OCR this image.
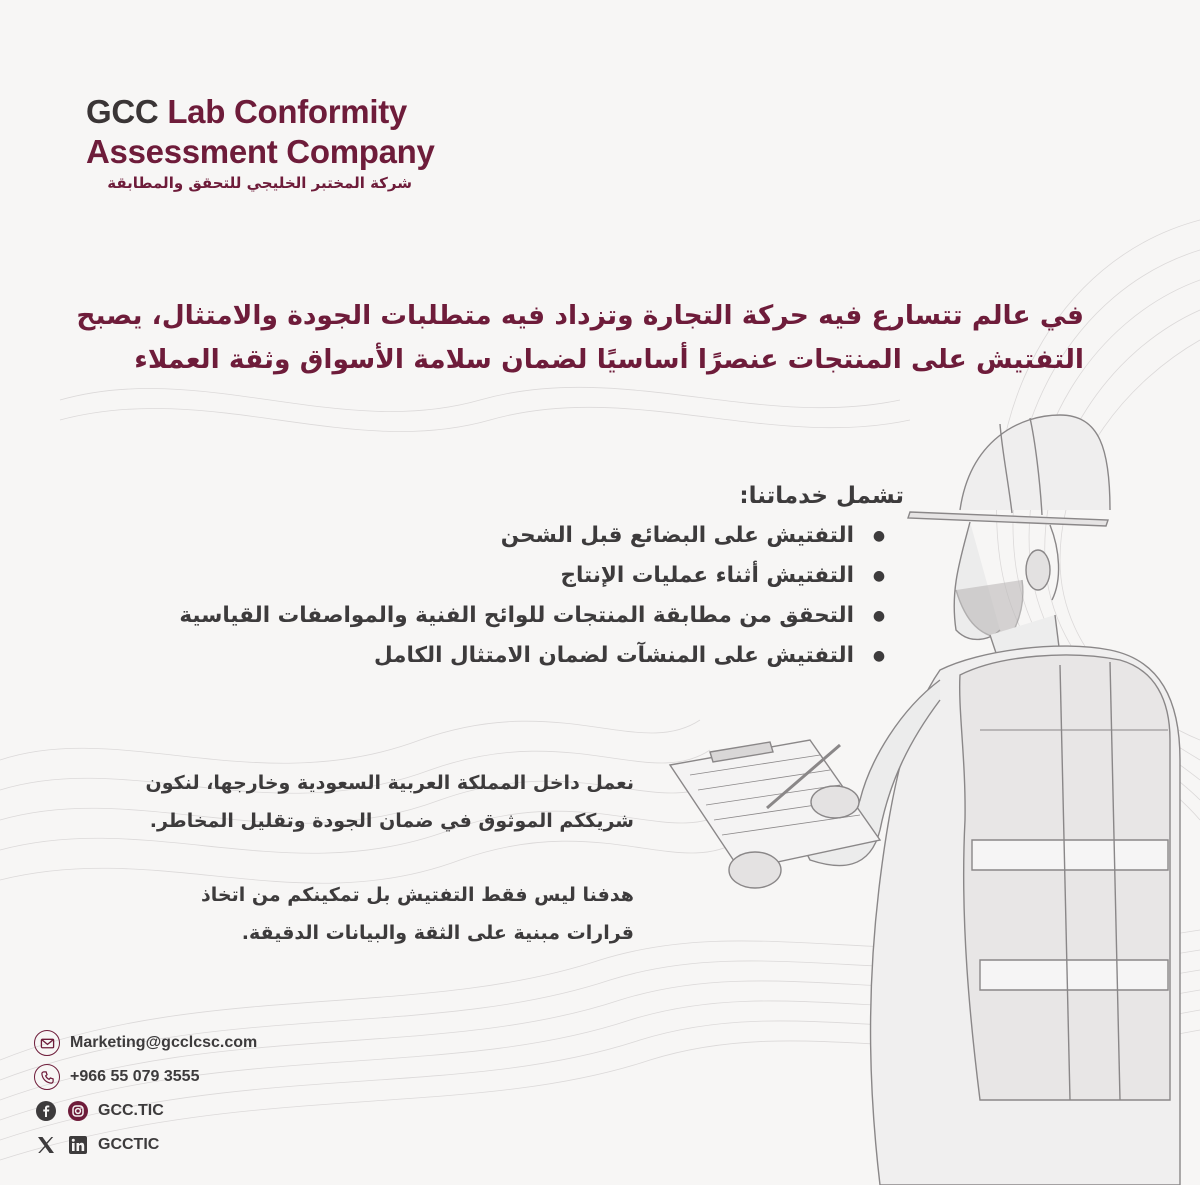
GCC Lab Conformity
Assessment Company
شركة المختبر الخليجي للتحقق والمطابقة
في عالم تتسارع فيه حركة التجارة وتزداد فيه متطلبات الجودة والامتثال، يصبح
التفتيش على المنتجات عنصرًا أساسيًا لضمان سلامة الأسواق وثقة العملاء
تشمل خدماتنا:
●التفتيش على البضائع قبل الشحن
●التفتيش أثناء عمليات الإنتاج
●التحقق من مطابقة المنتجات للوائح الفنية والمواصفات القياسية
●التفتيش على المنشآت لضمان الامتثال الكامل
نعمل داخل المملكة العربية السعودية وخارجها، لنكون
شريككم الموثوق في ضمان الجودة وتقليل المخاطر.
هدفنا ليس فقط التفتيش بل تمكينكم من اتخاذ
قرارات مبنية على الثقة والبيانات الدقيقة.
Marketing@gcclcsc.com
+966 55 079 3555
GCC.TIC
GCCTIC
